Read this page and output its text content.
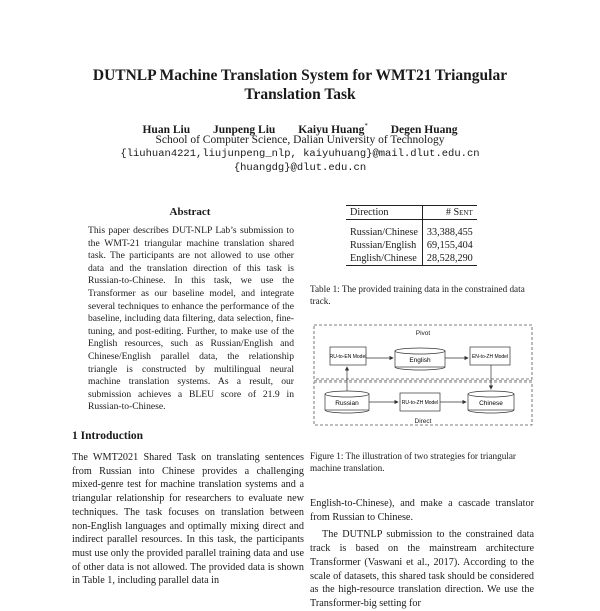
DUTNLP Machine Translation System for WMT21 Triangular
Translation Task
Huan Liu Junpeng Liu Kaiyu Huang* Degen Huang
School of Computer Science, Dalian University of Technology
{liuhuan4221,liujunpeng_nlp, kaiyuhuang}@mail.dlut.edu.cn
{huangdg}@dlut.edu.cn
Abstract
This paper describes DUT-NLP Lab’s submission to the WMT-21 triangular machine translation shared task. The participants are not allowed to use other data and the translation direction of this task is Russian-to-Chinese. In this task, we use the Transformer as our baseline model, and integrate several techniques to enhance the performance of the baseline, including data filtering, data selection, fine-tuning, and post-editing. Further, to make use of the English resources, such as Russian/English and Chinese/English parallel data, the relationship triangle is constructed by multilingual neural machine translation systems. As a result, our submission achieves a BLEU score of 21.9 in Russian-to-Chinese.
1 Introduction

The WMT2021 Shared Task on translating sentences from Russian into Chinese provides a challenging mixed-genre test for machine translation systems and a triangular relationship for researchers to evaluate new techniques. The task focuses on translation between non-English languages and optimally mixing direct and indirect parallel resources. In this task, the participants must use only the provided parallel training data and use of other data is not allowed. The provided data is shown in Table 1, including parallel data in

Direction	# Sent

Russian/Chinese	33,388,455
Russian/English	69,155,404
English/Chinese	28,528,290
Table 1: The provided training data in the constrained data track.
Pivot
Direct
RU-to-EN Model	English	EN-to-ZH Model
Russian	RU-to-ZH Model	Chinese
Figure 1: The illustration of two strategies for triangular machine translation.

English-to-Chinese), and make a cascade translator from Russian to Chinese.

The DUTNLP submission to the constrained data track is based on the mainstream architecture Transformer (Vaswani et al., 2017). According to the scale of datasets, this shared task should be considered as the high-resource translation direction. We use the Transformer-big setting for
